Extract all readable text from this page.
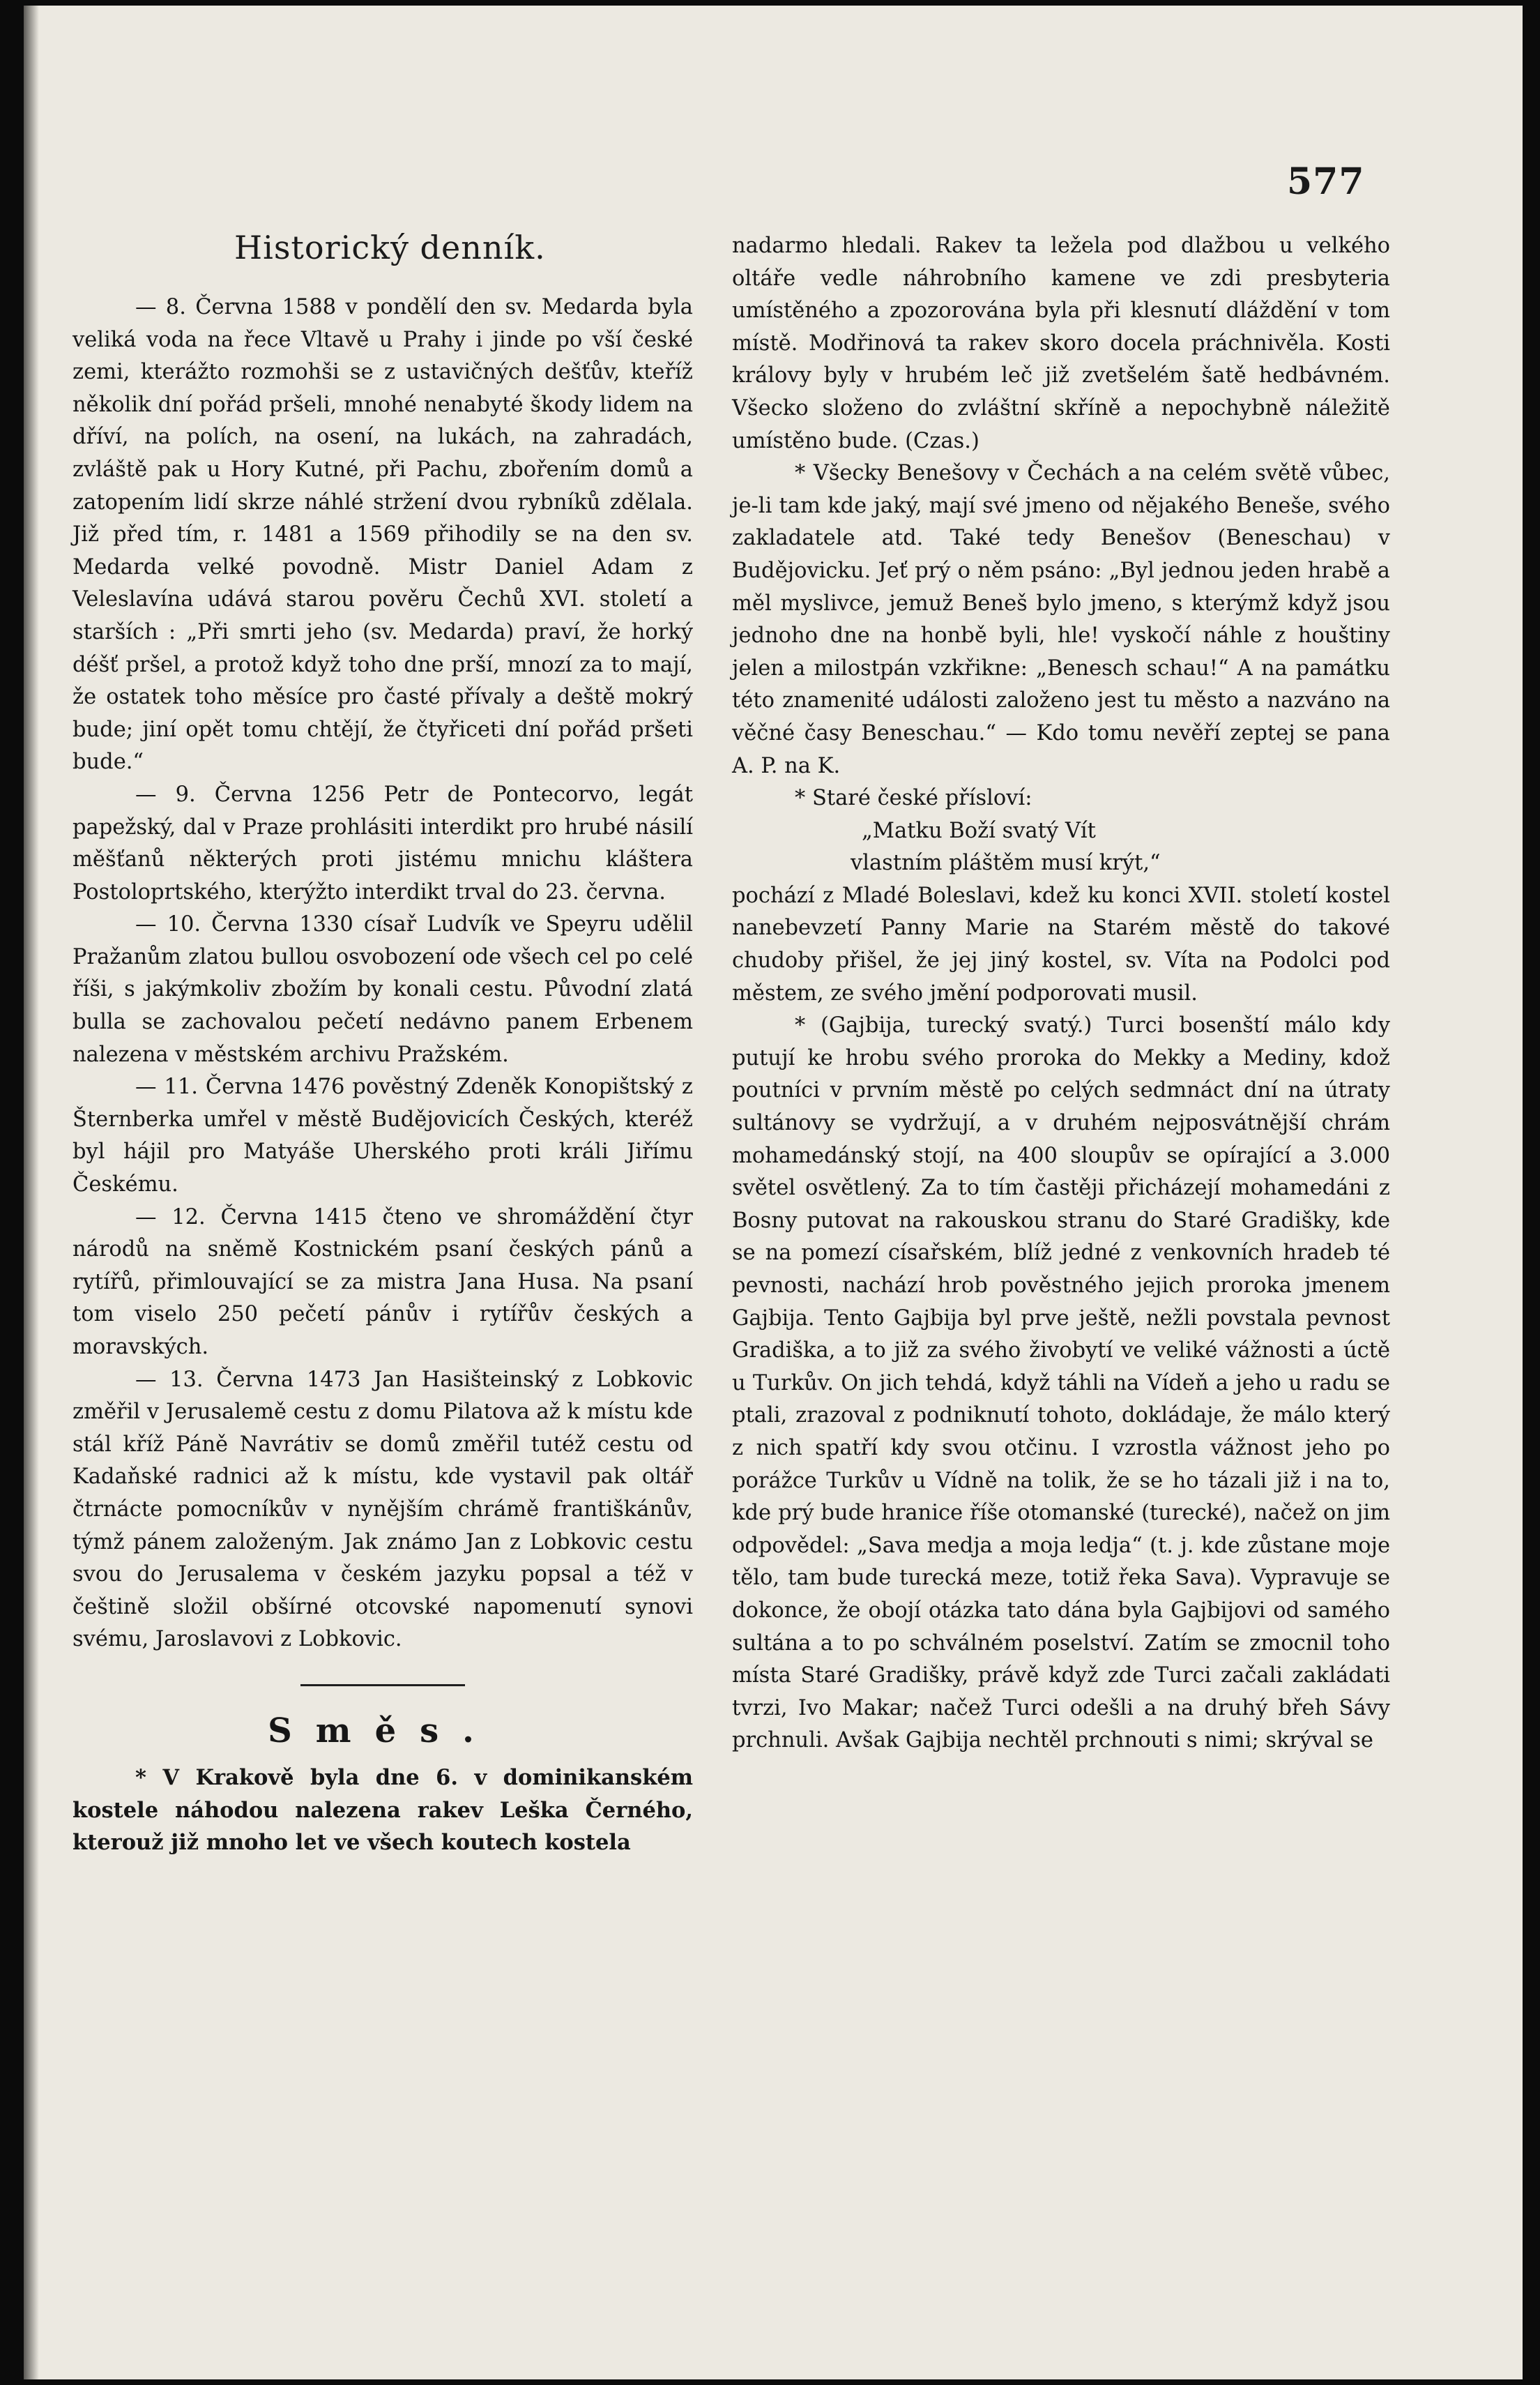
577
Historický denník.

— 8. Června 1588 v pondělí den sv. Medarda byla veliká voda na řece Vltavě u Prahy i jinde po vší české zemi, kterážto rozmohši se z ustavičných dešťův, kteříž několik dní pořád pršeli, mnohé nenabyté škody lidem na dříví, na polích, na osení, na lukách, na zahradách, zvláště pak u Hory Kutné, při Pachu, zbořením domů a zatopením lidí skrze náhlé stržení dvou rybníků zdělala. Již před tím, r. 1481 a 1569 přihodily se na den sv. Medarda velké povodně. Mistr Daniel Adam z Veleslavína udává starou pověru Čechů XVI. století a starších : „Při smrti jeho (sv. Medarda) praví, že horký déšť pršel, a protož když toho dne prší, mnozí za to mají, že ostatek toho měsíce pro časté přívaly a deště mokrý bude; jiní opět tomu chtějí, že čtyřiceti dní pořád pršeti bude.“

— 9. Června 1256 Petr de Pontecorvo, legát papežský, dal v Praze prohlásiti interdikt pro hrubé násilí měšťanů některých proti jistému mnichu kláštera Postoloprtského, kterýžto interdikt trval do 23. června.

— 10. Června 1330 císař Ludvík ve Speyru udělil Pražanům zlatou bullou osvobození ode všech cel po celé říši, s jakýmkoliv zbožím by konali cestu. Původní zlatá bulla se zachovalou pečetí nedávno panem Erbenem nalezena v městském archivu Pražském.

— 11. Června 1476 pověstný Zdeněk Konopištský z Šternberka umřel v městě Budějovicích Českých, kteréž byl hájil pro Matyáše Uherského proti králi Jiřímu Českému.

— 12. Června 1415 čteno ve shromáždění čtyr národů na sněmě Kostnickém psaní českých pánů a rytířů, přimlouvající se za mistra Jana Husa. Na psaní tom viselo 250 pečetí pánův i rytířův českých a moravských.

— 13. Června 1473 Jan Hasišteinský z Lobkovic změřil v Jerusalemě cestu z domu Pilatova až k místu kde stál kříž Páně Navrátiv se domů změřil tutéž cestu od Kadaňské radnici až k místu, kde vystavil pak oltář čtrnácte pomocníkův v nynějším chrámě františkánův, týmž pánem založeným. Jak známo Jan z Lobkovic cestu svou do Jerusalema v českém jazyku popsal a též v češtině složil obšírné otcovské napomenutí synovi svému, Jaroslavovi z Lobkovic.

Směs.

* V Krakově byla dne 6. v dominikanském kostele náhodou nalezena rakev Leška Černého, kterouž již mnoho let ve všech koutech kostela

nadarmo hledali. Rakev ta ležela pod dlažbou u velkého oltáře vedle náhrobního kamene ve zdi presbyteria umístěného a zpozorována byla při klesnutí dláždění v tom místě. Modřinová ta rakev skoro docela práchnivěla. Kosti královy byly v hrubém leč již zvetšelém šatě hedbávném. Všecko složeno do zvláštní skříně a nepochybně náležitě umístěno bude. (Czas.)

* Všecky Benešovy v Čechách a na celém světě vůbec, je-li tam kde jaký, mají své jmeno od nějakého Beneše, svého zakladatele atd. Také tedy Benešov (Beneschau) v Budějovicku. Jeť prý o něm psáno: „Byl jednou jeden hrabě a měl myslivce, jemuž Beneš bylo jmeno, s kterýmž když jsou jednoho dne na honbě byli, hle! vyskočí náhle z houštiny jelen a milostpán vzkřikne: „Benesch schau!“ A na památku této znamenité události založeno jest tu město a nazváno na věčné časy Beneschau.“ — Kdo tomu nevěří zeptej se pana A. P. na K.

* Staré české přísloví:

„Matku Boží svatý Vít

vlastním pláštěm musí krýt,“

pochází z Mladé Boleslavi, kdež ku konci XVII. století kostel nanebevzetí Panny Marie na Starém městě do takové chudoby přišel, že jej jiný kostel, sv. Víta na Podolci pod městem, ze svého jmění podporovati musil.

* (Gajbija, turecký svatý.) Turci bosenští málo kdy putují ke hrobu svého proroka do Mekky a Mediny, kdož poutníci v prvním městě po celých sedmnáct dní na útraty sultánovy se vydržují, a v druhém nejposvátnější chrám mohamedánský stojí, na 400 sloupův se opírající a 3.000 světel osvětlený. Za to tím častěji přicházejí mohamedáni z Bosny putovat na rakouskou stranu do Staré Gradišky, kde se na pomezí císařském, blíž jedné z venkovních hradeb té pevnosti, nachází hrob pověstného jejich proroka jmenem Gajbija. Tento Gajbija byl prve ještě, nežli povstala pevnost Gradiška, a to již za svého živobytí ve veliké vážnosti a úctě u Turkův. On jich tehdá, když táhli na Vídeň a jeho u radu se ptali, zrazoval z podniknutí tohoto, dokládaje, že málo který z nich spatří kdy svou otčinu. I vzrostla vážnost jeho po porážce Turkův u Vídně na tolik, že se ho tázali již i na to, kde prý bude hranice říše otomanské (turecké), načež on jim odpovědel: „Sava medja a moja ledja“ (t. j. kde zůstane moje tělo, tam bude turecká meze, totiž řeka Sava). Vypravuje se dokonce, že obojí otázka tato dána byla Gajbijovi od samého sultána a to po schválném poselství. Zatím se zmocnil toho místa Staré Gradišky, právě když zde Turci začali zakládati tvrzi, Ivo Makar; načež Turci odešli a na druhý břeh Sávy prchnuli. Avšak Gajbija nechtěl prchnouti s nimi; skrýval se
